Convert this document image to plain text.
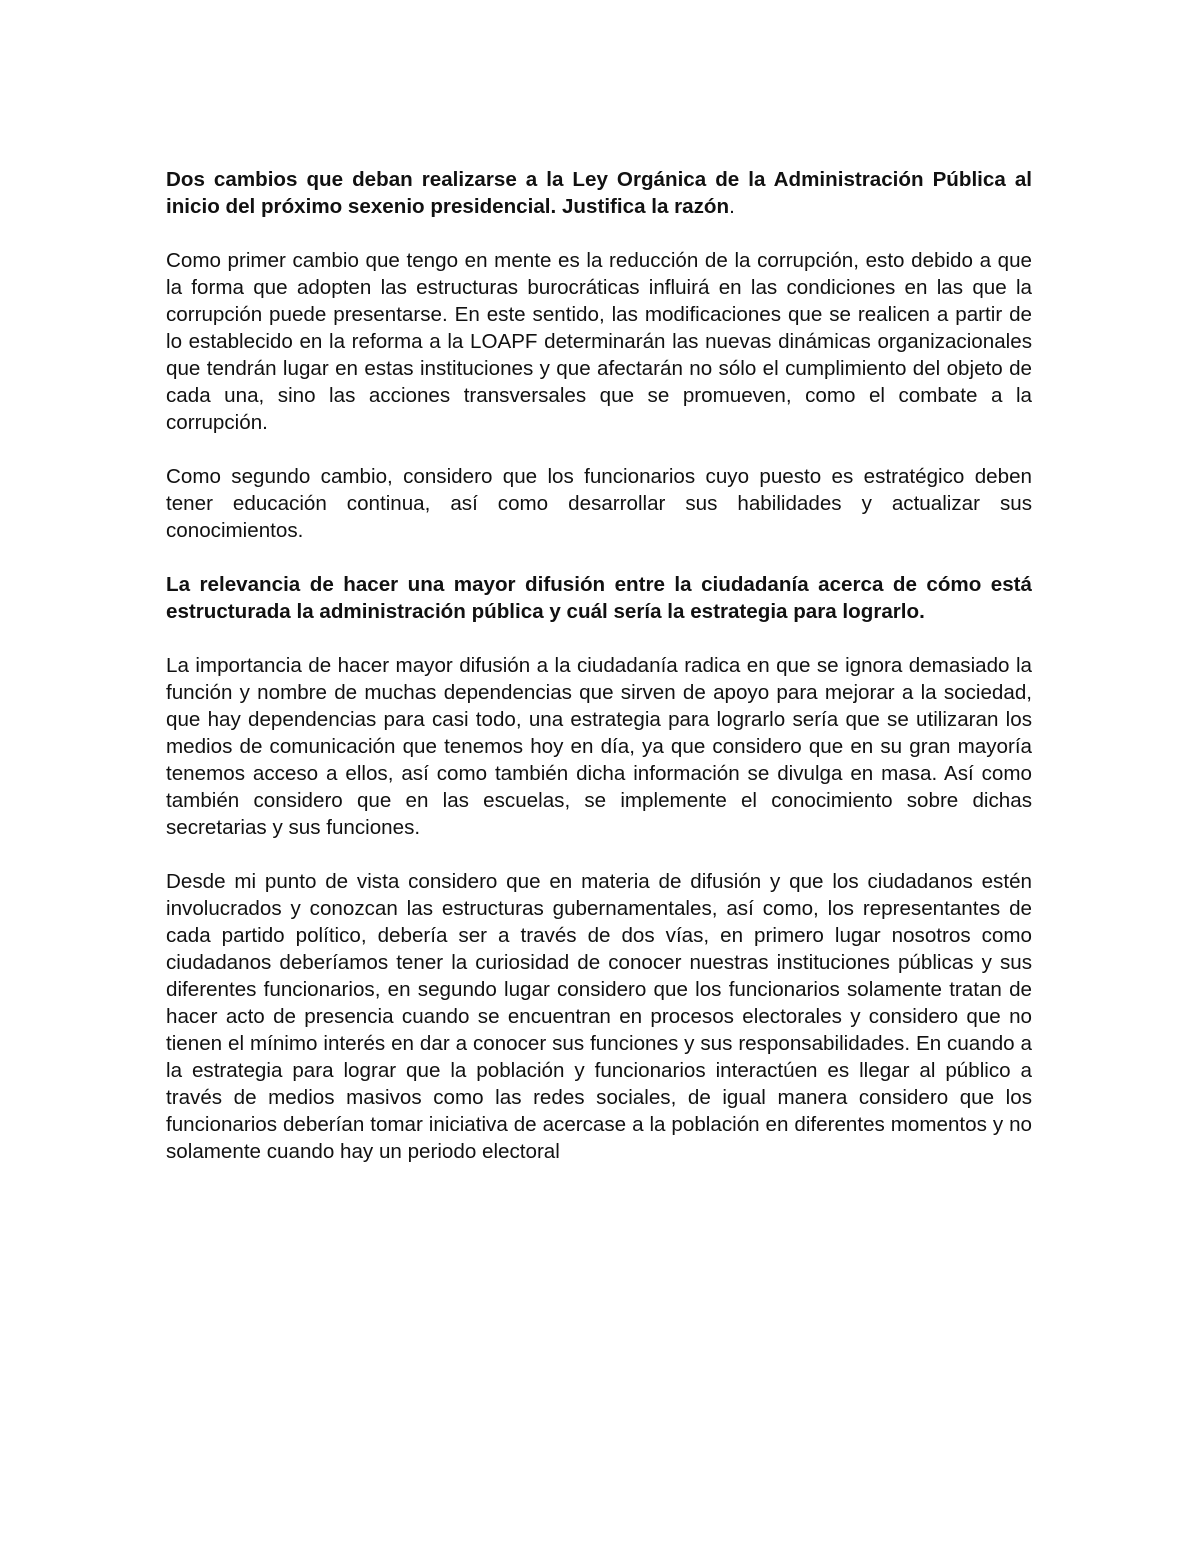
Dos cambios que deban realizarse a la Ley Orgánica de la Administración Pública al inicio del próximo sexenio presidencial. Justifica la razón.

Como primer cambio que tengo en mente es la reducción de la corrupción, esto debido a que la forma que adopten las estructuras burocráticas influirá en las condiciones en las que la corrupción puede presentarse. En este sentido, las modificaciones que se realicen a partir de lo establecido en la reforma a la LOAPF determinarán las nuevas dinámicas organizacionales que tendrán lugar en estas instituciones y que afectarán no sólo el cumplimiento del objeto de cada una, sino las acciones transversales que se promueven, como el combate a la corrupción.

Como segundo cambio, considero que los funcionarios cuyo puesto es estratégico deben tener educación continua, así como desarrollar sus habilidades y actualizar sus conocimientos.

La relevancia de hacer una mayor difusión entre la ciudadanía acerca de cómo está estructurada la administración pública y cuál sería la estrategia para lograrlo.

La importancia de hacer mayor difusión a la ciudadanía radica en que se ignora demasiado la función y nombre de muchas dependencias que sirven de apoyo para mejorar a la sociedad, que hay dependencias para casi todo, una estrategia para lograrlo sería que se utilizaran los medios de comunicación que tenemos hoy en día, ya que considero que en su gran mayoría tenemos acceso a ellos, así como también dicha información se divulga en masa. Así como también considero que en las escuelas, se implemente el conocimiento sobre dichas secretarias y sus funciones.

Desde mi punto de vista considero que en materia de difusión y que los ciudadanos estén involucrados y conozcan las estructuras gubernamentales, así como, los representantes de cada partido político, debería ser a través de dos vías, en primero lugar nosotros como ciudadanos deberíamos tener la curiosidad de conocer nuestras instituciones públicas y sus diferentes funcionarios, en segundo lugar considero que los funcionarios solamente tratan de hacer acto de presencia cuando se encuentran en procesos electorales y considero que no tienen el mínimo interés en dar a conocer sus funciones y sus responsabilidades. En cuando a la estrategia para lograr que la población y funcionarios interactúen es llegar al público a través de medios masivos como las redes sociales, de igual manera considero que los funcionarios deberían tomar iniciativa de acercase a la población en diferentes momentos y no solamente cuando hay un periodo electoral
